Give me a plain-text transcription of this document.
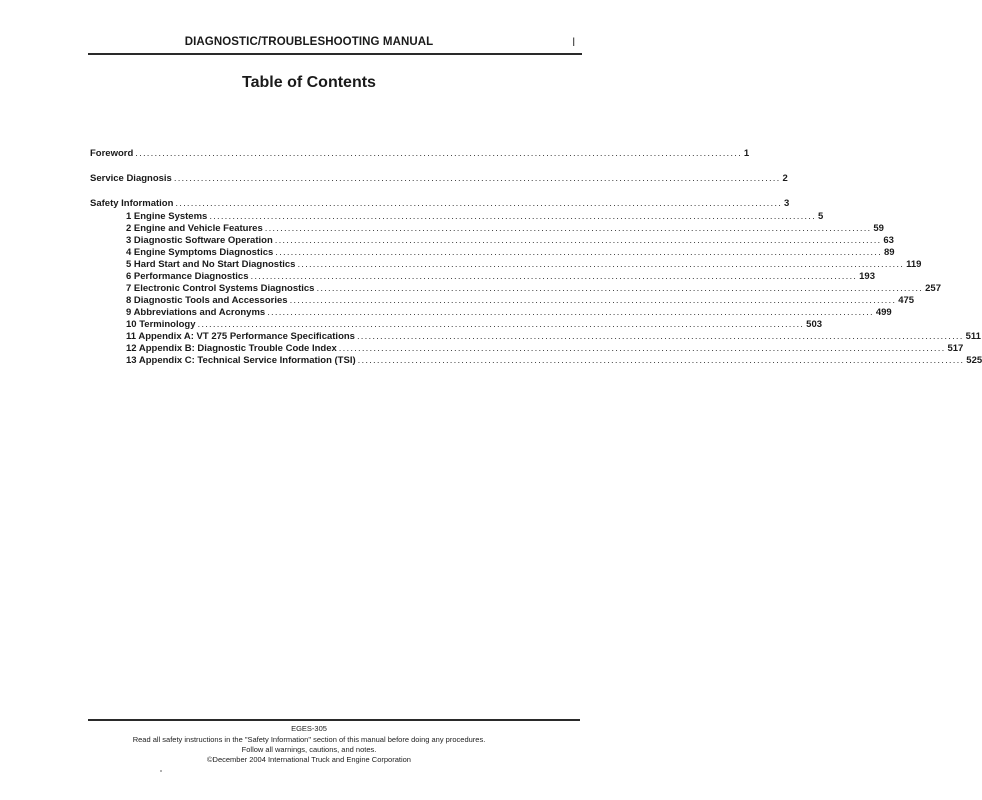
DIAGNOSTIC/TROUBLESHOOTING MANUAL	I
Table of Contents
Foreword .............................................................................................................................................................. 1
Service Diagnosis .............................................................................................................................................................. 2
Safety Information .............................................................................................................................................................. 3
1 Engine Systems .............................................................................................................................................................. 5
2 Engine and Vehicle Features .............................................................................................................................................................. 59
3 Diagnostic Software Operation .............................................................................................................................................................. 63
4 Engine Symptoms Diagnostics .............................................................................................................................................................. 89
5 Hard Start and No Start Diagnostics .............................................................................................................................................................. 119
6 Performance Diagnostics .............................................................................................................................................................. 193
7 Electronic Control Systems Diagnostics .............................................................................................................................................................. 257
8 Diagnostic Tools and Accessories .............................................................................................................................................................. 475
9 Abbreviations and Acronyms .............................................................................................................................................................. 499
10 Terminology .............................................................................................................................................................. 503
11 Appendix A: VT 275 Performance Specifications .............................................................................................................................................................. 511
12 Appendix B: Diagnostic Trouble Code Index .............................................................................................................................................................. 517
13 Appendix C: Technical Service Information (TSI) .............................................................................................................................................................. 525
EGES-305
Read all safety instructions in the "Safety Information" section of this manual before doing any procedures.
Follow all warnings, cautions, and notes.
©December 2004 International Truck and Engine Corporation
